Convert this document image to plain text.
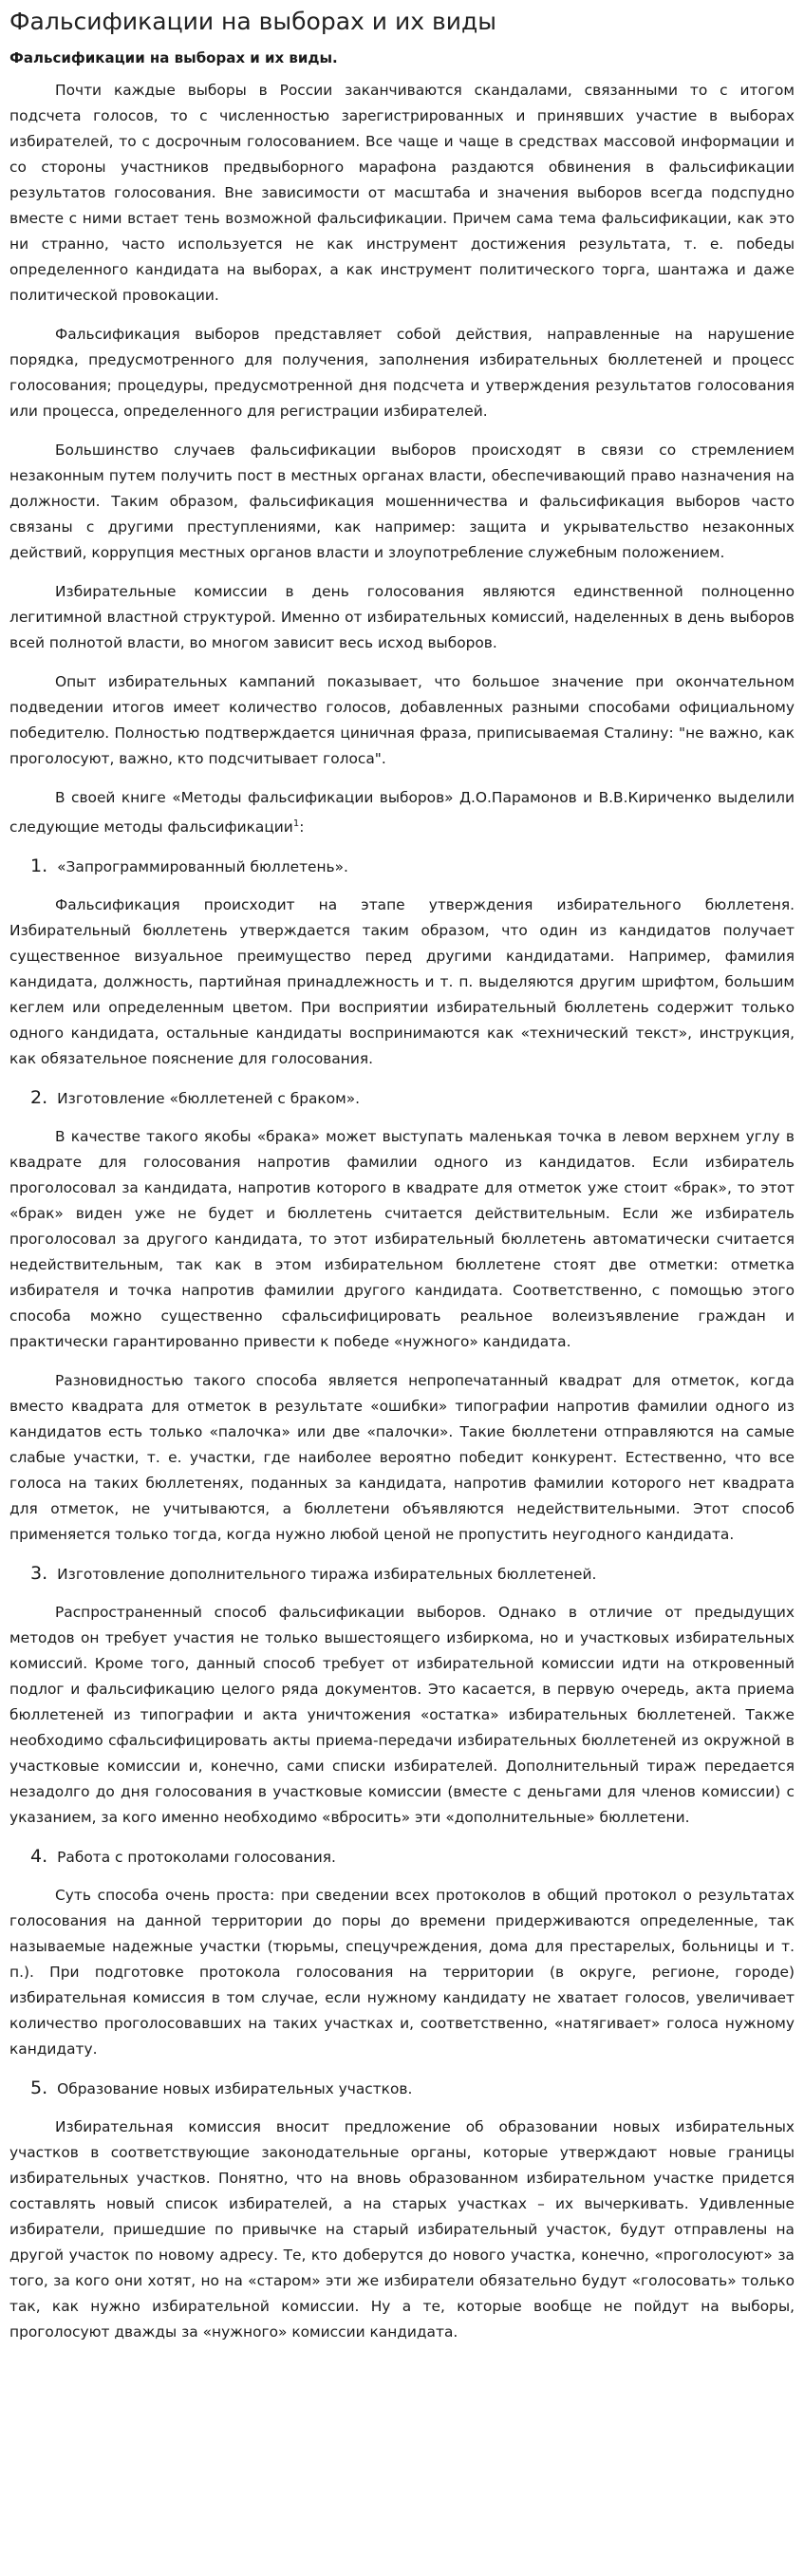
Фальсификации на выборах и их виды
Фальсификации на выборах и их виды.

Почти каждые выборы в России заканчиваются скандалами, связанными то с итогом подсчета голосов, то с численностью зарегистрированных и принявших участие в выборах избирателей, то с досрочным голосованием. Все чаще и чаще в средствах массовой информации и со стороны участников предвыборного марафона раздаются обвинения в фальсификации результатов голосования. Вне зависимости от масштаба и значения выборов всегда подспудно вместе с ними встает тень возможной фальсификации. Причем сама тема фальсификации, как это ни странно, часто используется не как инструмент достижения результата, т. е. победы определенного кандидата на выборах, а как инструмент политического торга, шантажа и даже политической провокации.

Фальсификация выборов представляет собой действия, направленные на нарушение порядка, предусмотренного для получения, заполнения избирательных бюллетеней и процесс голосования; процедуры, предусмотренной дня подсчета и утверждения результатов голосования или процесса, определенного для регистрации избирателей.

Большинство случаев фальсификации выборов происходят в связи со стремлением незаконным путем получить пост в местных органах власти, обеспечивающий право назначения на должности. Таким образом, фальсификация мошенничества и фальсификация выборов часто связаны с другими преступлениями, как например: защита и укрывательство незаконных действий, коррупция местных органов власти и злоупотребление служебным положением.

Избирательные комиссии в день голосования являются единственной полноценно легитимной властной структурой. Именно от избирательных комиссий, наделенных в день выборов всей полнотой власти, во многом зависит весь исход выборов.

Опыт избирательных кампаний показывает, что большое значение при окончательном подведении итогов имеет количество голосов, добавленных разными способами официальному победителю. Полностью подтверждается циничная фраза, приписываемая Сталину: "не важно, как проголосуют, важно, кто подсчитывает голоса".

В своей книге «Методы фальсификации выборов» Д.О.Парамонов и В.В.Кириченко выделили следующие методы фальсификации$^1$:

1. «Запрограммированный бюллетень».

Фальсификация происходит на этапе утверждения избирательного бюллетеня. Избирательный бюллетень утверждается таким образом, что один из кандидатов получает существенное визуальное преимущество перед другими кандидатами. Например, фамилия кандидата, должность, партийная принадлежность и т. п. выделяются другим шрифтом, большим кеглем или определенным цветом. При восприятии избирательный бюллетень содержит только одного кандидата, остальные кандидаты воспринимаются как «технический текст», инструкция, как обязательное пояснение для голосования.

2. Изготовление «бюллетеней с браком».

В качестве такого якобы «брака» может выступать маленькая точка в левом верхнем углу в квадрате для голосования напротив фамилии одного из кандидатов. Если избиратель проголосовал за кандидата, напротив которого в квадрате для отметок уже стоит «брак», то этот «брак» виден уже не будет и бюллетень считается действительным. Если же избиратель проголосовал за другого кандидата, то этот избирательный бюллетень автоматически считается недействительным, так как в этом избирательном бюллетене стоят две отметки: отметка избирателя и точка напротив фамилии другого кандидата. Соответственно, с помощью этого способа можно существенно сфальсифицировать реальное волеизъявление граждан и практически гарантированно привести к победе «нужного» кандидата.

Разновидностью такого способа является непропечатанный квадрат для отметок, когда вместо квадрата для отметок в результате «ошибки» типографии напротив фамилии одного из кандидатов есть только «палочка» или две «палочки». Такие бюллетени отправляются на самые слабые участки, т. е. участки, где наиболее вероятно победит конкурент. Естественно, что все голоса на таких бюллетенях, поданных за кандидата, напротив фамилии которого нет квадрата для отметок, не учитываются, а бюллетени объявляются недействительными. Этот способ применяется только тогда, когда нужно любой ценой не пропустить неугодного кандидата.

3. Изготовление дополнительного тиража избирательных бюллетеней.

Распространенный способ фальсификации выборов. Однако в отличие от предыдущих методов он требует участия не только вышестоящего избиркома, но и участковых избирательных комиссий. Кроме того, данный способ требует от избирательной комиссии идти на откровенный подлог и фальсификацию целого ряда документов. Это касается, в первую очередь, акта приема бюллетеней из типографии и акта уничтожения «остатка» избирательных бюллетеней. Также необходимо сфальсифицировать акты приема-передачи избирательных бюллетеней из окружной в участковые комиссии и, конечно, сами списки избирателей. Дополнительный тираж передается незадолго до дня голосования в участковые комиссии (вместе с деньгами для членов комиссии) с указанием, за кого именно необходимо «вбросить» эти «дополнительные» бюллетени.

4. Работа с протоколами голосования.

Суть способа очень проста: при сведении всех протоколов в общий протокол о результатах голосования на данной территории до поры до времени придерживаются определенные, так называемые надежные участки (тюрьмы, спецучреждения, дома для престарелых, больницы и т. п.). При подготовке протокола голосования на территории (в округе, регионе, городе) избирательная комиссия в том случае, если нужному кандидату не хватает голосов, увеличивает количество проголосовавших на таких участках и, соответственно, «натягивает» голоса нужному кандидату.

5. Образование новых избирательных участков.

Избирательная комиссия вносит предложение об образовании новых избирательных участков в соответствующие законодательные органы, которые утверждают новые границы избирательных участков. Понятно, что на вновь образованном избирательном участке придется составлять новый список избирателей, а на старых участках – их вычеркивать. Удивленные избиратели, пришедшие по привычке на старый избирательный участок, будут отправлены на другой участок по новому адресу. Те, кто доберутся до нового участка, конечно, «проголосуют» за того, за кого они хотят, но на «старом» эти же избиратели обязательно будут «голосовать» только так, как нужно избирательной комиссии. Ну а те, которые вообще не пойдут на выборы, проголосуют дважды за «нужного» комиссии кандидата.
